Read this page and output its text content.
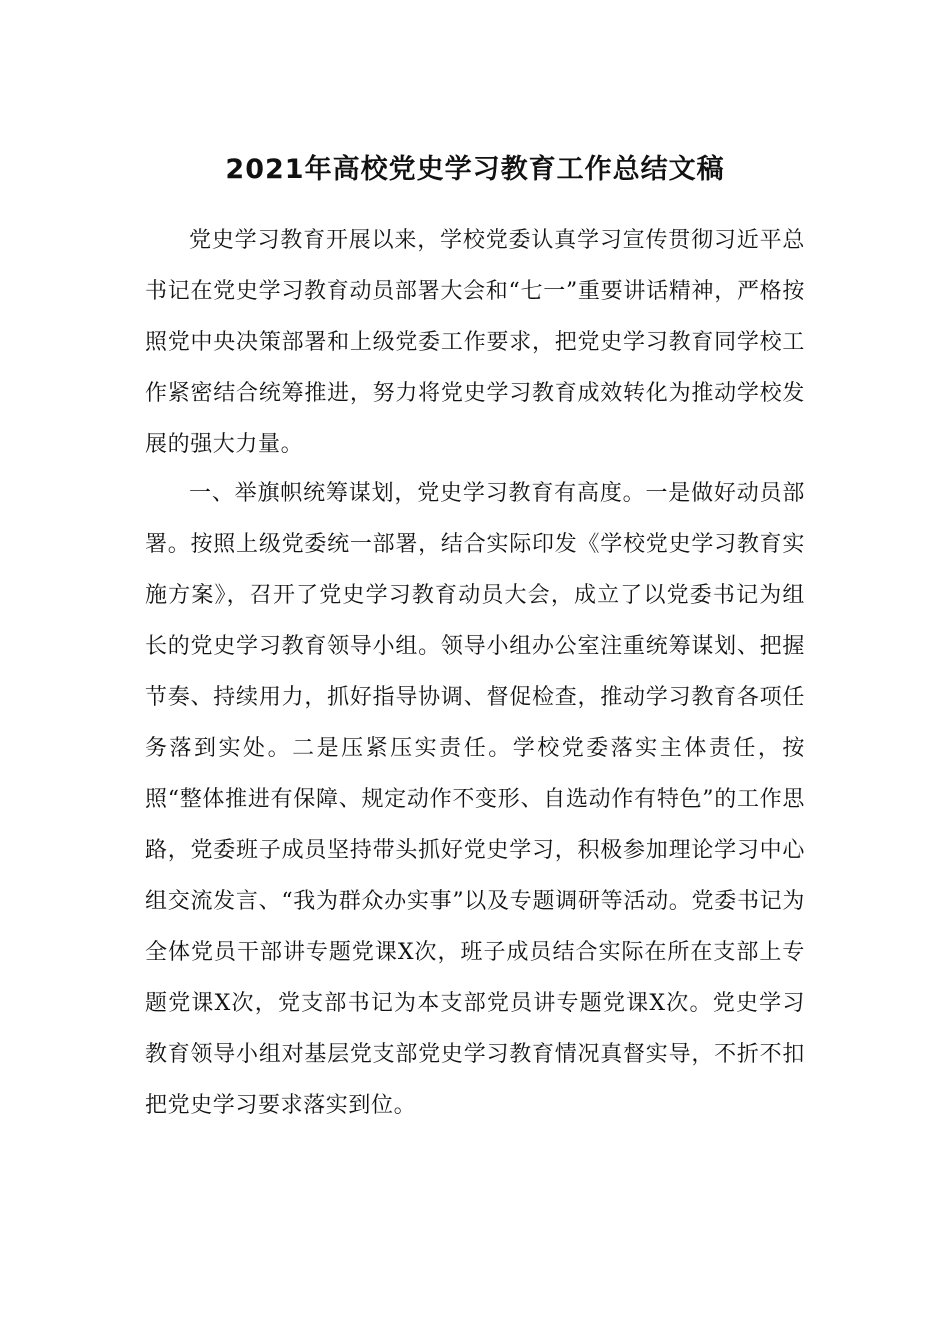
2021年高校党史学习教育工作总结文稿

党史学习教育开展以来，学校党委认真学习宣传贯彻习近平总书记在党史学习教育动员部署大会和“七一”重要讲话精神，严格按照党中央决策部署和上级党委工作要求，把党史学习教育同学校工作紧密结合统筹推进，努力将党史学习教育成效转化为推动学校发展的强大力量。

一、举旗帜统筹谋划，党史学习教育有高度。一是做好动员部署。按照上级党委统一部署，结合实际印发《学校党史学习教育实施方案》，召开了党史学习教育动员大会，成立了以党委书记为组长的党史学习教育领导小组。领导小组办公室注重统筹谋划、把握节奏、持续用力，抓好指导协调、督促检查，推动学习教育各项任务落到实处。二是压紧压实责任。学校党委落实主体责任，按照“整体推进有保障、规定动作不变形、自选动作有特色”的工作思路，党委班子成员坚持带头抓好党史学习，积极参加理论学习中心组交流发言、“我为群众办实事”以及专题调研等活动。党委书记为全体党员干部讲专题党课X次，班子成员结合实际在所在支部上专题党课X次，党支部书记为本支部党员讲专题党课X次。党史学习教育领导小组对基层党支部党史学习教育情况真督实导，不折不扣把党史学习要求落实到位。
